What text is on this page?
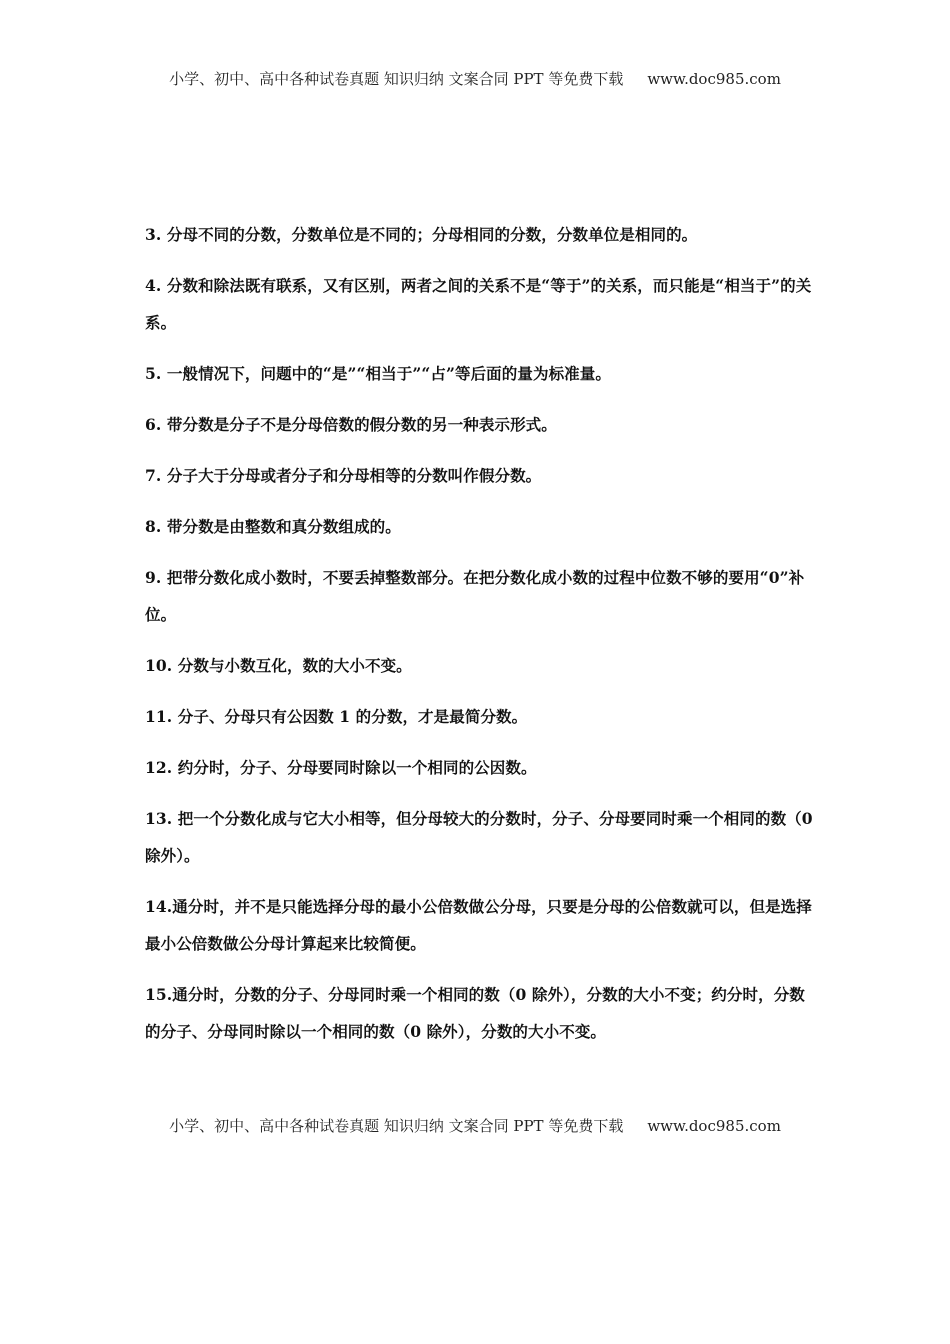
小学、初中、高中各种试卷真题 知识归纳 文案合同 PPT 等免费下载 www.doc985.com

3. 分母不同的分数，分数单位是不同的；分母相同的分数，分数单位是相同的。

4. 分数和除法既有联系，又有区别，两者之间的关系不是“等于”的关系，而只能是“相当于”的关系。

5. 一般情况下，问题中的“是”“相当于”“占”等后面的量为标准量。

6. 带分数是分子不是分母倍数的假分数的另一种表示形式。

7. 分子大于分母或者分子和分母相等的分数叫作假分数。

8. 带分数是由整数和真分数组成的。

9. 把带分数化成小数时，不要丢掉整数部分。在把分数化成小数的过程中位数不够的要用“0”补位。

10. 分数与小数互化，数的大小不变。

11. 分子、分母只有公因数 1 的分数，才是最简分数。

12. 约分时，分子、分母要同时除以一个相同的公因数。

13. 把一个分数化成与它大小相等，但分母较大的分数时，分子、分母要同时乘一个相同的数（0 除外）。

14.通分时，并不是只能选择分母的最小公倍数做公分母，只要是分母的公倍数就可以，但是选择最小公倍数做公分母计算起来比较简便。

15.通分时，分数的分子、分母同时乘一个相同的数（0 除外），分数的大小不变；约分时，分数的分子、分母同时除以一个相同的数（0 除外），分数的大小不变。

小学、初中、高中各种试卷真题 知识归纳 文案合同 PPT 等免费下载 www.doc985.com
